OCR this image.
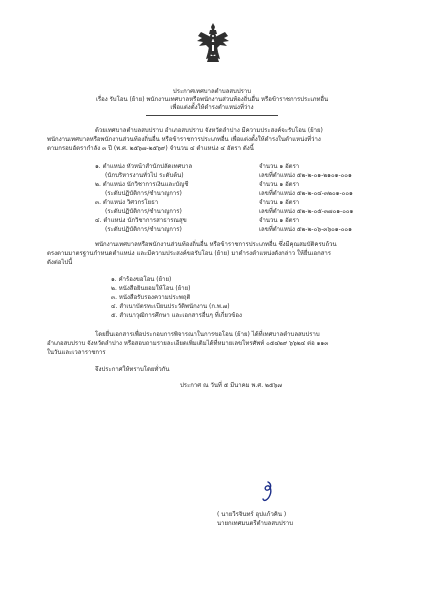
ประกาศเทศบาลตำบลสบปราบ
เรื่อง รับโอน (ย้าย) พนักงานเทศบาลหรือพนักงานส่วนท้องถิ่นอื่น หรือข้าราชการประเภทอื่น
เพื่อแต่งตั้งให้ดำรงตำแหน่งที่ว่าง
ด้วยเทศบาลตำบลสบปราบ อำเภอสบปราบ จังหวัดลำปาง มีความประสงค์จะรับโอน (ย้าย)
พนักงานเทศบาลหรือพนักงานส่วนท้องถิ่นอื่น หรือข้าราชการประเภทอื่น เพื่อแต่งตั้งให้ดำรงในตำแหน่งที่ว่าง
ตามกรอบอัตรากำลัง ๓ ปี (พ.ศ. ๒๕๖๗-๒๕๖๙) จำนวน ๔ ตำแหน่ง ๔ อัตรา ดังนี้
๑. ตำแหน่ง หัวหน้าสำนักปลัดเทศบาล
(นักบริหารงานทั่วไป ระดับต้น)
จำนวน ๑ อัตรา
เลขที่ตำแหน่ง ๕๒-๒-๐๑-๒๑๐๑-๐๐๑
๒. ตำแหน่ง นักวิชาการเงินและบัญชี
(ระดับปฏิบัติการ/ชำนาญการ)
จำนวน ๑ อัตรา
เลขที่ตำแหน่ง ๕๒-๒-๐๔-๓๒๐๑-๐๐๑
๓. ตำแหน่ง วิศวกรโยธา
(ระดับปฏิบัติการ/ชำนาญการ)
จำนวน ๑ อัตรา
เลขที่ตำแหน่ง ๕๒-๒-๐๕-๓๗๐๑-๐๐๑
๔. ตำแหน่ง นักวิชาการสาธารณสุข
(ระดับปฏิบัติการ/ชำนาญการ)
จำนวน ๑ อัตรา
เลขที่ตำแหน่ง ๕๒-๒-๐๖-๓๖๐๑-๐๐๑
พนักงานเทศบาลหรือพนักงานส่วนท้องถิ่นอื่น หรือข้าราชการประเภทอื่น ซึ่งมีคุณสมบัติครบถ้วน
ตรงตามมาตรฐานกำหนดตำแหน่ง และมีความประสงค์ขอรับโอน (ย้าย) มาดำรงตำแหน่งดังกล่าว ให้ยื่นเอกสาร
ดังต่อไปนี้
๑. คำร้องขอโอน (ย้าย)
๒. หนังสือยินยอมให้โอน (ย้าย)
๓. หนังสือรับรองความประพฤติ
๔. สำเนาบัตรทะเบียนประวัติพนักงาน (ก.พ.๗)
๕. สำเนาวุฒิการศึกษา และเอกสารอื่นๆ ที่เกี่ยวข้อง
โดยยื่นเอกสารเพื่อประกอบการพิจารณาในการขอโอน (ย้าย) ได้ที่เทศบาลตำบลสบปราบ
อำเภอสบปราบ จังหวัดลำปาง หรือสอบถามรายละเอียดเพิ่มเติมได้ที่หมายเลขโทรศัพท์ ๐๕๔๒๙ ๖๖๒๔ ต่อ ๑๑๓
ในวันและเวลาราชการ
จึงประกาศให้ทราบโดยทั่วกัน
ประกาศ ณ วันที่ ๕ มีนาคม พ.ศ. ๒๕๖๗
( นายวีรจินทร์ อุปแก้วคิน )
นายกเทศมนตรีตำบลสบปราบ
